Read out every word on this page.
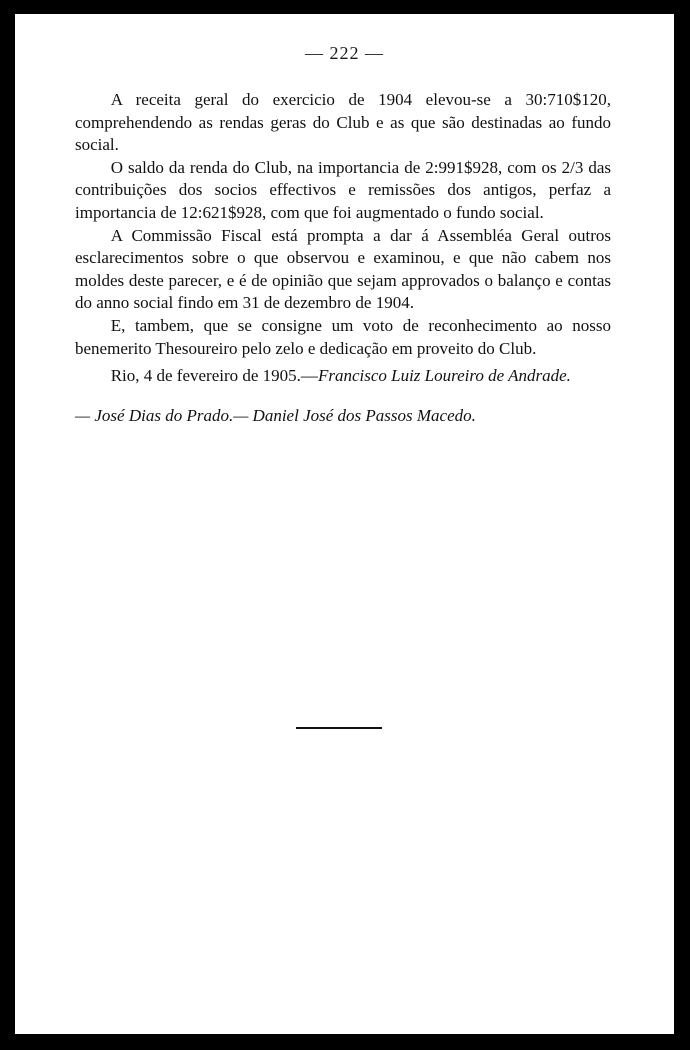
— 222 —

A receita geral do exercicio de 1904 elevou-se a 30:710$120, comprehendendo as rendas geras do Club e as que são destinadas ao fundo social.

O saldo da renda do Club, na importancia de 2:991$928, com os 2/3 das contribuições dos socios effectivos e remissões dos antigos, perfaz a importancia de 12:621$928, com que foi augmentado o fundo social.

A Commissão Fiscal está prompta a dar á Assembléa Geral outros esclarecimentos sobre o que observou e examinou, e que não cabem nos moldes deste parecer, e é de opinião que sejam approvados o balanço e contas do anno social findo em 31 de dezembro de 1904.

E, tambem, que se consigne um voto de reconhecimento ao nosso benemerito Thesoureiro pelo zelo e dedicação em proveito do Club.

Rio, 4 de fevereiro de 1905.—Francisco Luiz Loureiro de Andrade.

— José Dias do Prado.— Daniel José dos Passos Macedo.
